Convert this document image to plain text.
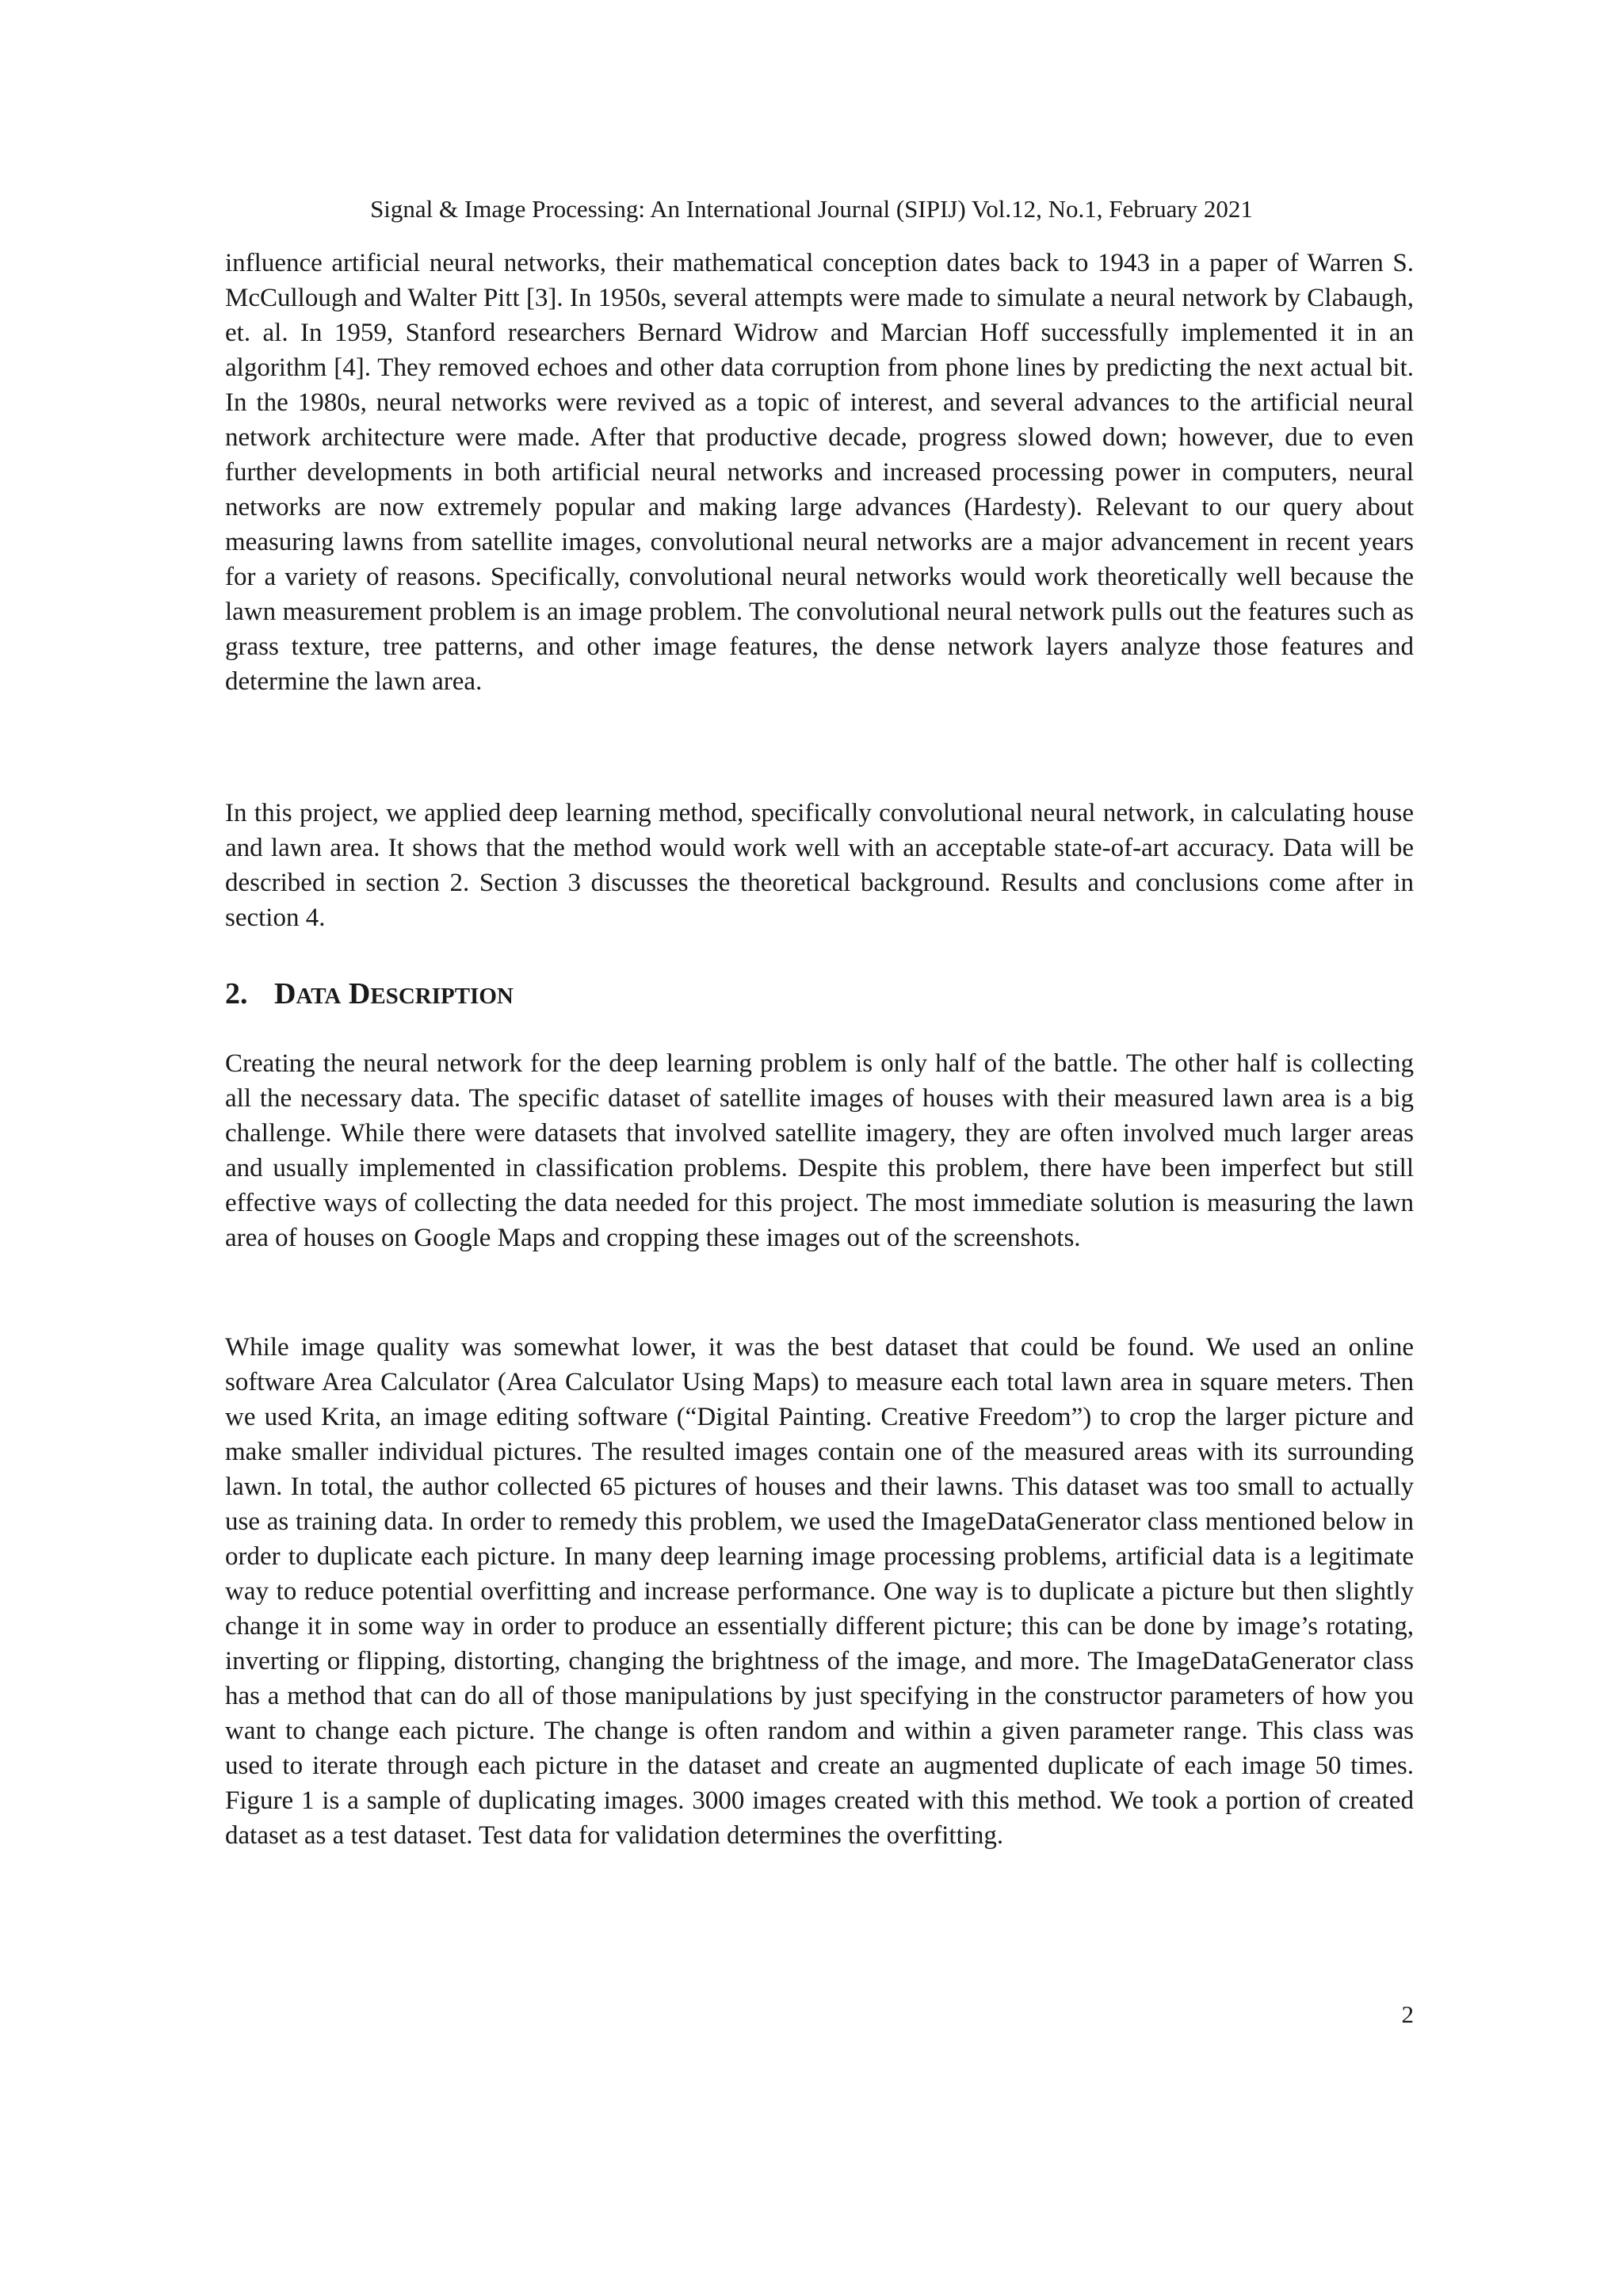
Signal & Image Processing: An International Journal (SIPIJ) Vol.12, No.1, February 2021

influence artificial neural networks, their mathematical conception dates back to 1943 in a paper of Warren S. McCullough and Walter Pitt [3]. In 1950s, several attempts were made to simulate a neural network by Clabaugh, et. al. In 1959, Stanford researchers Bernard Widrow and Marcian Hoff successfully implemented it in an algorithm [4]. They removed echoes and other data corruption from phone lines by predicting the next actual bit. In the 1980s, neural networks were revived as a topic of interest, and several advances to the artificial neural network architecture were made. After that productive decade, progress slowed down; however, due to even further developments in both artificial neural networks and increased processing power in computers, neural networks are now extremely popular and making large advances (Hardesty). Relevant to our query about measuring lawns from satellite images, convolutional neural networks are a major advancement in recent years for a variety of reasons. Specifically, convolutional neural networks would work theoretically well because the lawn measurement problem is an image problem. The convolutional neural network pulls out the features such as grass texture, tree patterns, and other image features, the dense network layers analyze those features and determine the lawn area.

In this project, we applied deep learning method, specifically convolutional neural network, in calculating house and lawn area. It shows that the method would work well with an acceptable state-of-art accuracy. Data will be described in section 2. Section 3 discusses the theoretical background. Results and conclusions come after in section 4.

2. DATA DESCRIPTION

Creating the neural network for the deep learning problem is only half of the battle. The other half is collecting all the necessary data. The specific dataset of satellite images of houses with their measured lawn area is a big challenge. While there were datasets that involved satellite imagery, they are often involved much larger areas and usually implemented in classification problems. Despite this problem, there have been imperfect but still effective ways of collecting the data needed for this project. The most immediate solution is measuring the lawn area of houses on Google Maps and cropping these images out of the screenshots.

While image quality was somewhat lower, it was the best dataset that could be found. We used an online software Area Calculator (Area Calculator Using Maps) to measure each total lawn area in square meters. Then we used Krita, an image editing software (“Digital Painting. Creative Freedom”) to crop the larger picture and make smaller individual pictures. The resulted images contain one of the measured areas with its surrounding lawn. In total, the author collected 65 pictures of houses and their lawns. This dataset was too small to actually use as training data. In order to remedy this problem, we used the ImageDataGenerator class mentioned below in order to duplicate each picture. In many deep learning image processing problems, artificial data is a legitimate way to reduce potential overfitting and increase performance. One way is to duplicate a picture but then slightly change it in some way in order to produce an essentially different picture; this can be done by image’s rotating, inverting or flipping, distorting, changing the brightness of the image, and more. The ImageDataGenerator class has a method that can do all of those manipulations by just specifying in the constructor parameters of how you want to change each picture. The change is often random and within a given parameter range. This class was used to iterate through each picture in the dataset and create an augmented duplicate of each image 50 times. Figure 1 is a sample of duplicating images. 3000 images created with this method. We took a portion of created dataset as a test dataset. Test data for validation determines the overfitting.

2
